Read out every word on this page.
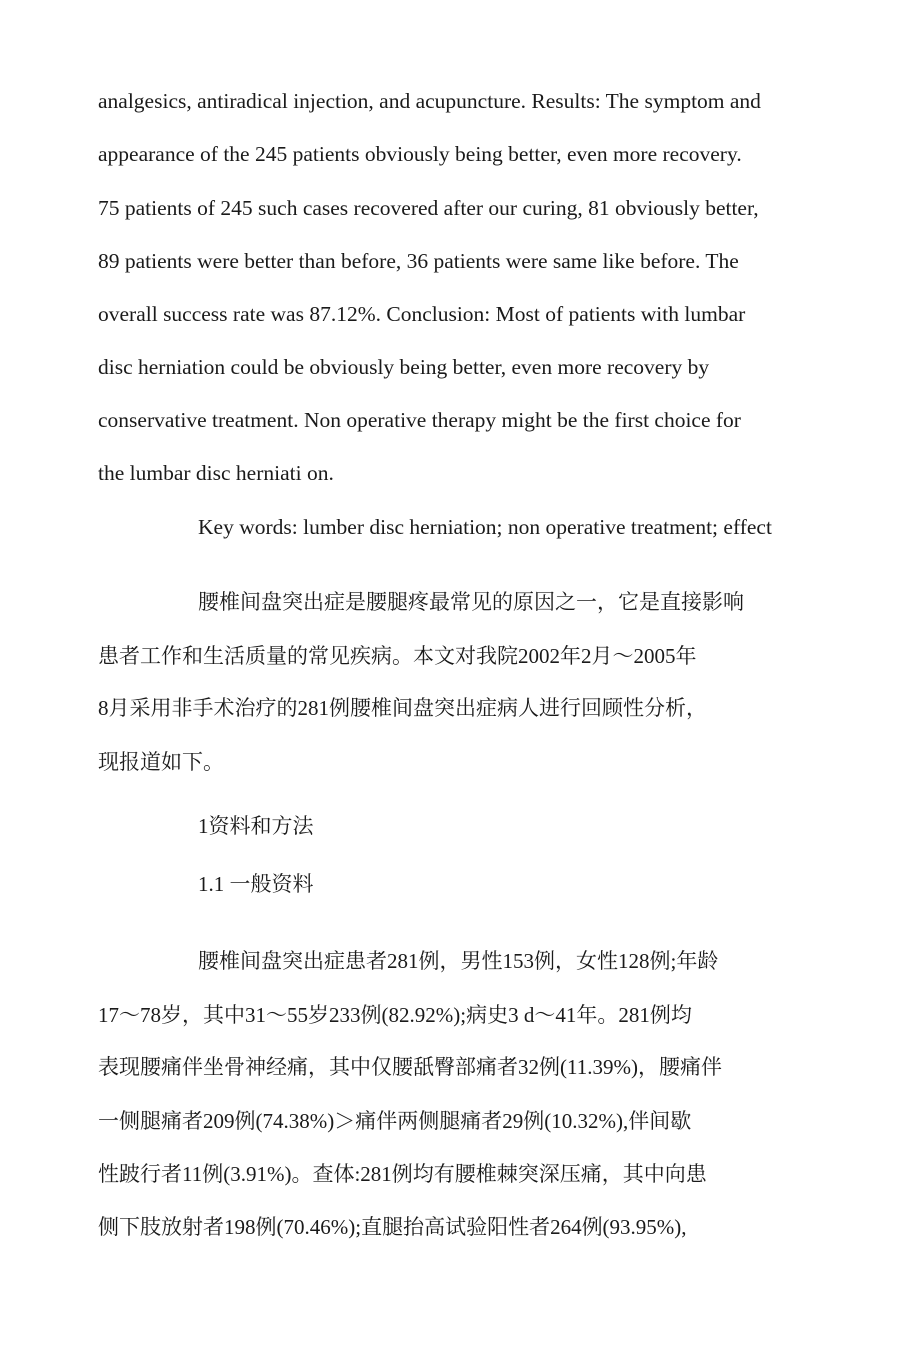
analgesics, antiradical injection, and acupuncture. Results: The symptom and
appearance of the 245 patients obviously being better, even more recovery.
75 patients of 245 such cases recovered after our curing, 81 obviously better,
89 patients were better than before, 36 patients were same like before. The
overall success rate was 87.12%. Conclusion: Most of patients with lumbar
disc herniation could be obviously being better, even more recovery by
conservative treatment. Non operative therapy might be the first choice for
the lumbar disc herniati on.
Key words: lumber disc herniation; non operative treatment; effect
腰椎间盘突出症是腰腿疼最常见的原因之一，它是直接影响
患者工作和生活质量的常见疾病。本文对我院2002年2月～2005年
8月采用非手术治疗的281例腰椎间盘突出症病人进行回顾性分析，
现报道如下。
1资料和方法
1.1 一般资料
腰椎间盘突出症患者281例，男性153例，女性128例;年龄
17～78岁，其中31～55岁233例(82.92%);病史3 d～41年。281例均
表现腰痛伴坐骨神经痛，其中仅腰舐臀部痛者32例(11.39%)，腰痛伴
一侧腿痛者209例(74.38%)＞痛伴两侧腿痛者29例(10.32%),伴间歇
性跛行者11例(3.91%)。查体:281例均有腰椎棘突深压痛，其中向患
侧下肢放射者198例(70.46%);直腿抬高试验阳性者264例(93.95%),
